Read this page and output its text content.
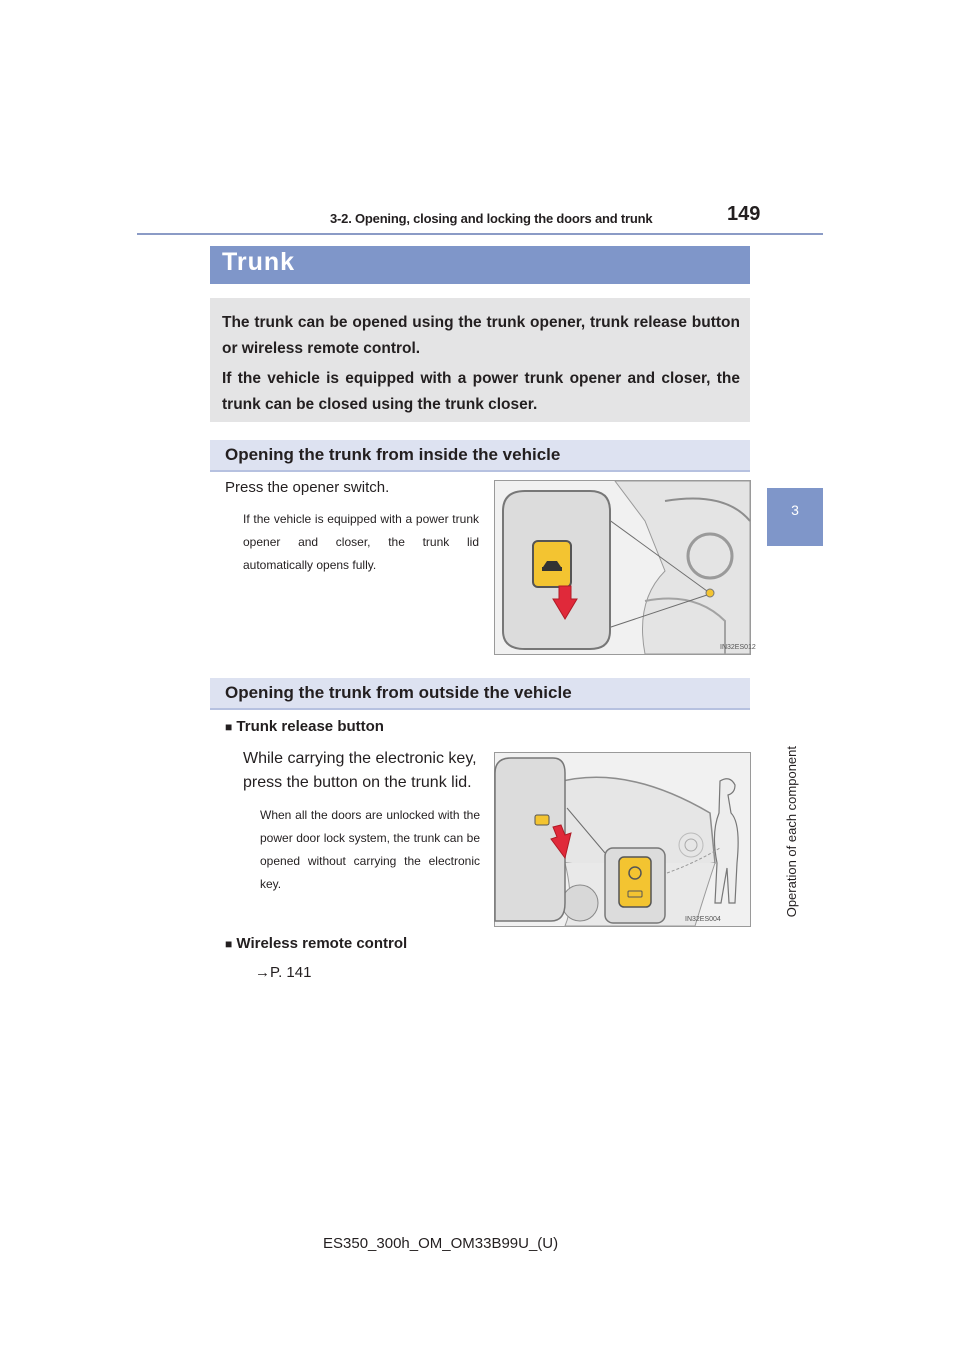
3-2. Opening, closing and locking the doors and trunk	149
3
Operation of each component
Trunk
The trunk can be opened using the trunk opener, trunk release button or wireless remote control.
If the vehicle is equipped with a power trunk opener and closer, the trunk can be closed using the trunk closer.
Opening the trunk from inside the vehicle
Press the opener switch.
If the vehicle is equipped with a power trunk opener and closer, the trunk lid automatically opens fully.
IN32ES012
Opening the trunk from outside the vehicle
■ Trunk release button
While carrying the electronic key, press the button on the trunk lid.
When all the doors are unlocked with the power door lock system, the trunk can be opened without carrying the electronic key.
IN32ES004
■ Wireless remote control
→P. 141
ES350_300h_OM_OM33B99U_(U)
